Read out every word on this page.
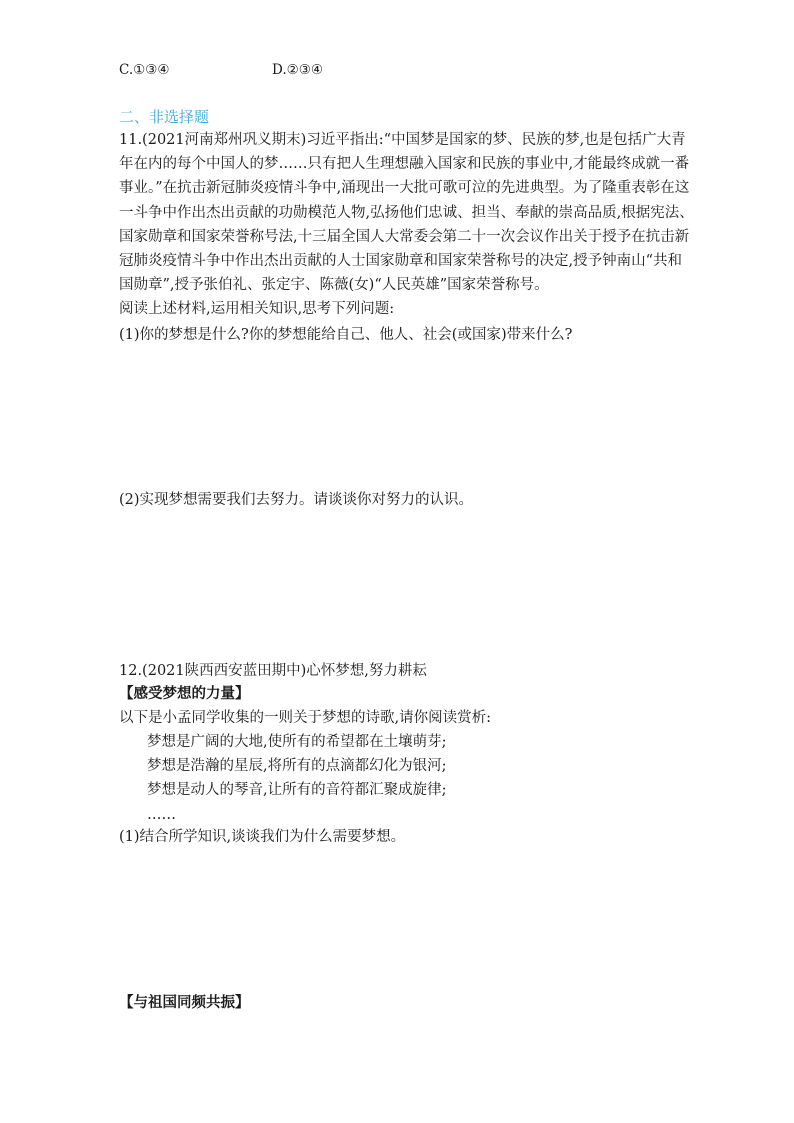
C.①③④	D.②③④
二、非选择题
11.(2021河南郑州巩义期末)习近平指出:“中国梦是国家的梦、民族的梦,也是包括广大青
年在内的每个中国人的梦……只有把人生理想融入国家和民族的事业中,才能最终成就一番
事业。”在抗击新冠肺炎疫情斗争中,涌现出一大批可歌可泣的先进典型。为了隆重表彰在这
一斗争中作出杰出贡献的功勋模范人物,弘扬他们忠诚、担当、奉献的崇高品质,根据宪法、
国家勋章和国家荣誉称号法,十三届全国人大常委会第二十一次会议作出关于授予在抗击新
冠肺炎疫情斗争中作出杰出贡献的人士国家勋章和国家荣誉称号的决定,授予钟南山“共和
国勋章”,授予张伯礼、张定宇、陈薇(女)“人民英雄”国家荣誉称号。
阅读上述材料,运用相关知识,思考下列问题:
(1)你的梦想是什么?你的梦想能给自己、他人、社会(或国家)带来什么?
(2)实现梦想需要我们去努力。请谈谈你对努力的认识。
12.(2021陕西西安蓝田期中)心怀梦想,努力耕耘
【感受梦想的力量】
以下是小孟同学收集的一则关于梦想的诗歌,请你阅读赏析:
梦想是广阔的大地,使所有的希望都在土壤萌芽;
梦想是浩瀚的星辰,将所有的点滴都幻化为银河;
梦想是动人的琴音,让所有的音符都汇聚成旋律;
……
(1)结合所学知识,谈谈我们为什么需要梦想。
【与祖国同频共振】
